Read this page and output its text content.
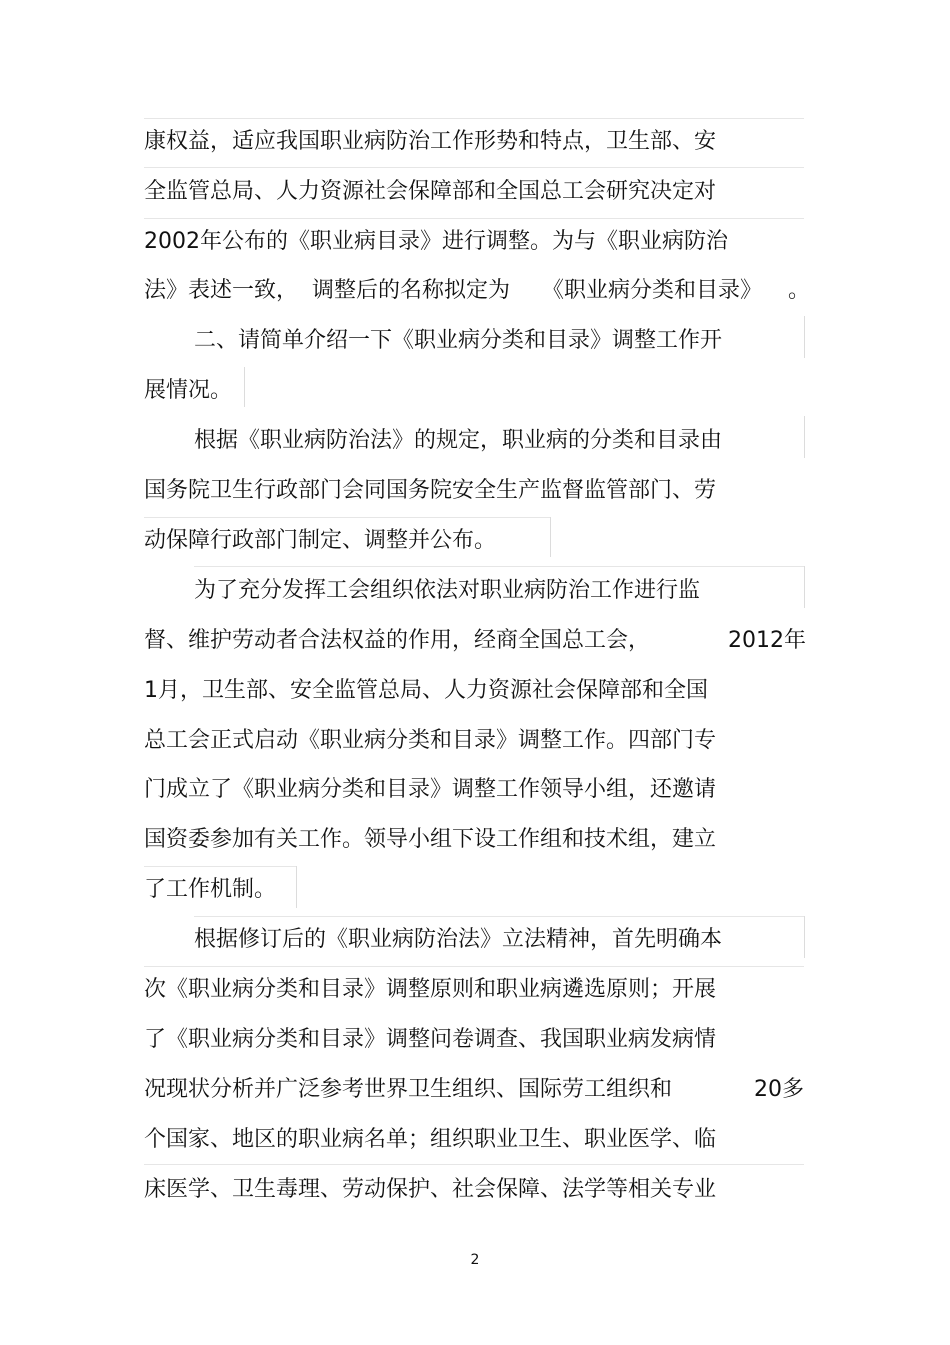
康权益，适应我国职业病防治工作形势和特点，卫生部、安
全监管总局、人力资源社会保障部和全国总工会研究决定对
2002年公布的《职业病目录》进行调整。为与《职业病防治
法》表述一致， 调整后的名称拟定为 《职业病分类和目录》 。
二、请简单介绍一下《职业病分类和目录》调整工作开
展情况。
根据《职业病防治法》的规定，职业病的分类和目录由
国务院卫生行政部门会同国务院安全生产监督监管部门、劳
动保障行政部门制定、调整并公布。
为了充分发挥工会组织依法对职业病防治工作进行监
督、维护劳动者合法权益的作用，经商全国总工会，	2012年
1月，卫生部、安全监管总局、人力资源社会保障部和全国
总工会正式启动《职业病分类和目录》调整工作。四部门专
门成立了《职业病分类和目录》调整工作领导小组，还邀请
国资委参加有关工作。领导小组下设工作组和技术组，建立
了工作机制。
根据修订后的《职业病防治法》立法精神，首先明确本
次《职业病分类和目录》调整原则和职业病遴选原则；开展
了《职业病分类和目录》调整问卷调查、我国职业病发病情
况现状分析并广泛参考世界卫生组织、国际劳工组织和	20多
个国家、地区的职业病名单；组织职业卫生、职业医学、临
床医学、卫生毒理、劳动保护、社会保障、法学等相关专业
2
